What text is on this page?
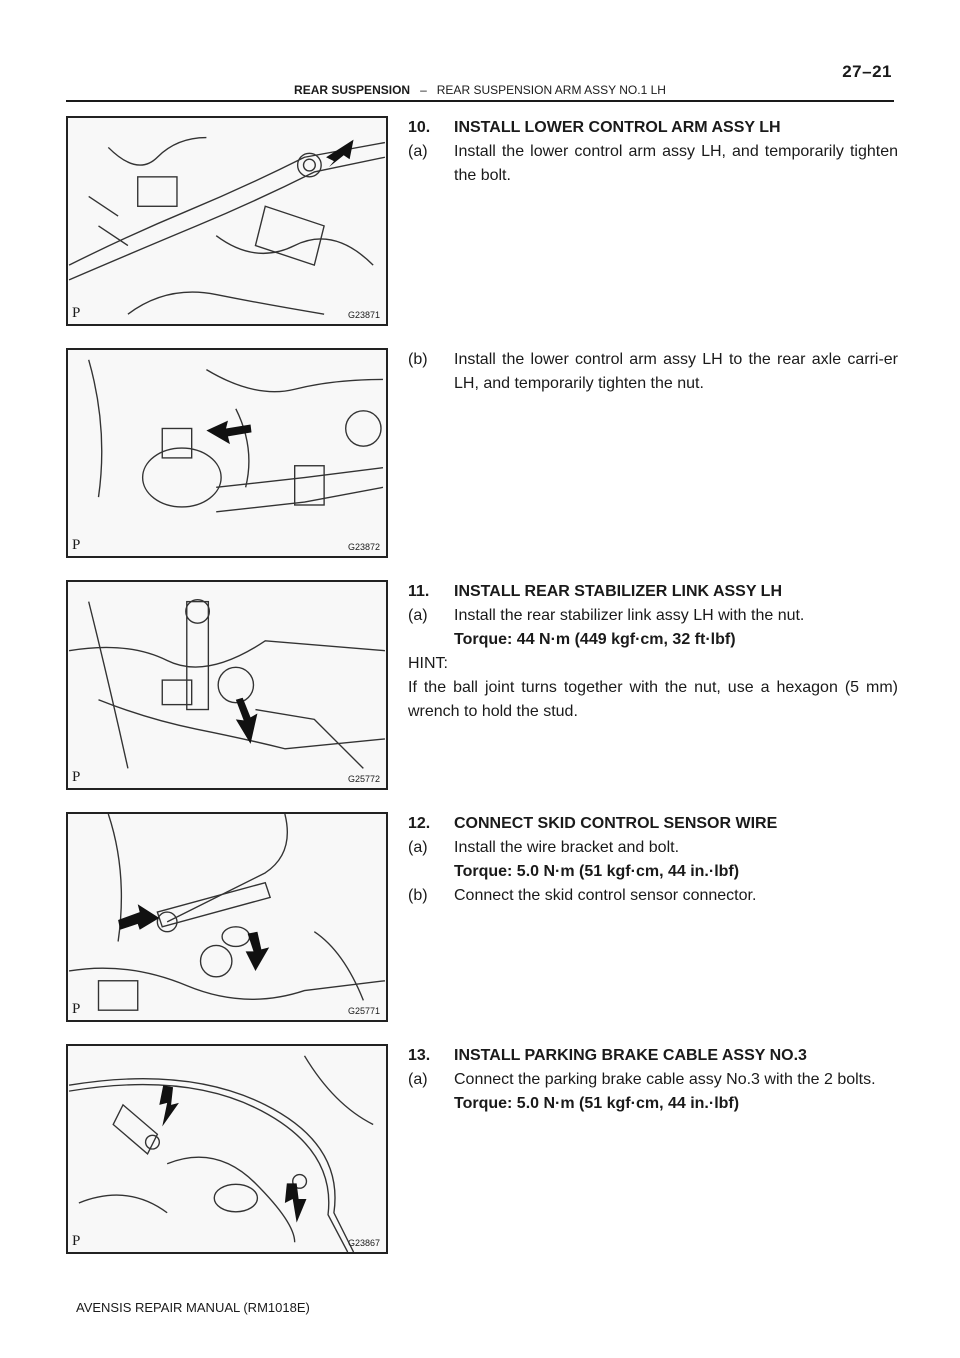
27–21
REAR SUSPENSION – REAR SUSPENSION ARM ASSY NO.1 LH
P	G23871
P	G23872
P	G25772
P	G25771
P	G23867
10.	INSTALL LOWER CONTROL ARM ASSY LH
(a)	Install the lower control arm assy LH, and temporarily tighten the bolt.
(b)	Install the lower control arm assy LH to the rear axle carri-er LH, and temporarily tighten the nut.
11.	INSTALL REAR STABILIZER LINK ASSY LH
(a)	Install the rear stabilizer link assy LH with the nut.
Torque: 44 N·m (449 kgf·cm, 32 ft·lbf)
HINT:
If the ball joint turns together with the nut, use a hexagon (5 mm) wrench to hold the stud.
12.	CONNECT SKID CONTROL SENSOR WIRE
(a)	Install the wire bracket and bolt.
Torque: 5.0 N·m (51 kgf·cm, 44 in.·lbf)
(b)	Connect the skid control sensor connector.
13.	INSTALL PARKING BRAKE CABLE ASSY NO.3
(a)	Connect the parking brake cable assy No.3 with the 2 bolts.
Torque: 5.0 N·m (51 kgf·cm, 44 in.·lbf)
AVENSIS REPAIR MANUAL (RM1018E)
